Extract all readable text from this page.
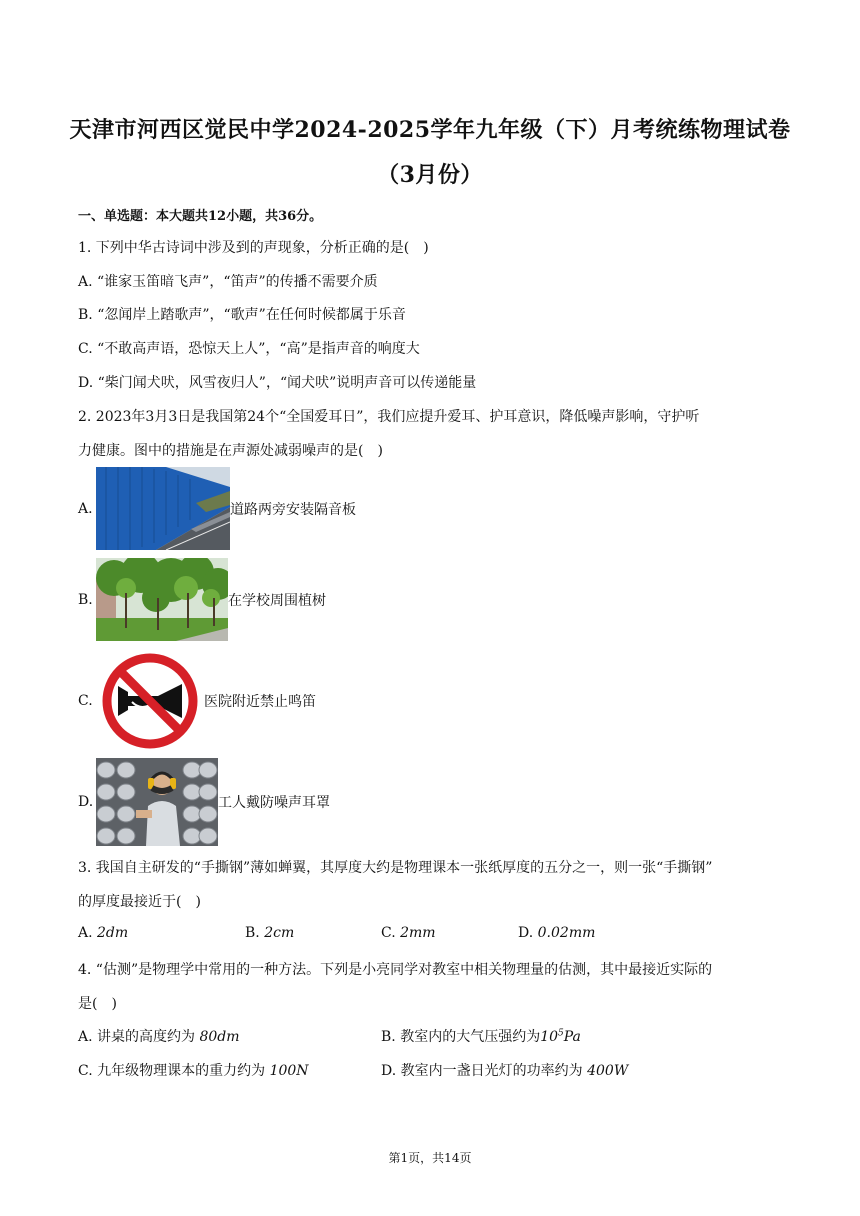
天津市河西区觉民中学2024-2025学年九年级（下）月考统练物理试卷
（3月份）
一、单选题：本大题共12小题，共36分。
1. 下列中华古诗词中涉及到的声现象，分析正确的是(　)
A. “谁家玉笛暗飞声”，“笛声”的传播不需要介质
B. “忽闻岸上踏歌声”，“歌声”在任何时候都属于乐音
C. “不敢高声语，恐惊天上人”，“高”是指声音的响度大
D. “柴门闻犬吠，风雪夜归人”，“闻犬吠”说明声音可以传递能量
2. 2023年3月3日是我国第24个“全国爱耳日”，我们应提升爱耳、护耳意识，降低噪声影响，守护听
力健康。图中的措施是在声源处减弱噪声的是(　)
A.	道路两旁安装隔音板
B.	在学校周围植树
C.	医院附近禁止鸣笛
D.	工人戴防噪声耳罩
3. 我国自主研发的“手撕钢”薄如蝉翼，其厚度大约是物理课本一张纸厚度的五分之一，则一张“手撕钢”
的厚度最接近于(　)
A. 2dm	B. 2cm	C. 2mm	D. 0.02mm
4. “估测”是物理学中常用的一种方法。下列是小亮同学对教室中相关物理量的估测，其中最接近实际的
是(　)
A. 讲桌的高度约为 80dm	B. 教室内的大气压强约为$10^5Pa$
C. 九年级物理课本的重力约为 100N	D. 教室内一盏日光灯的功率约为 400W
第1页，共14页
